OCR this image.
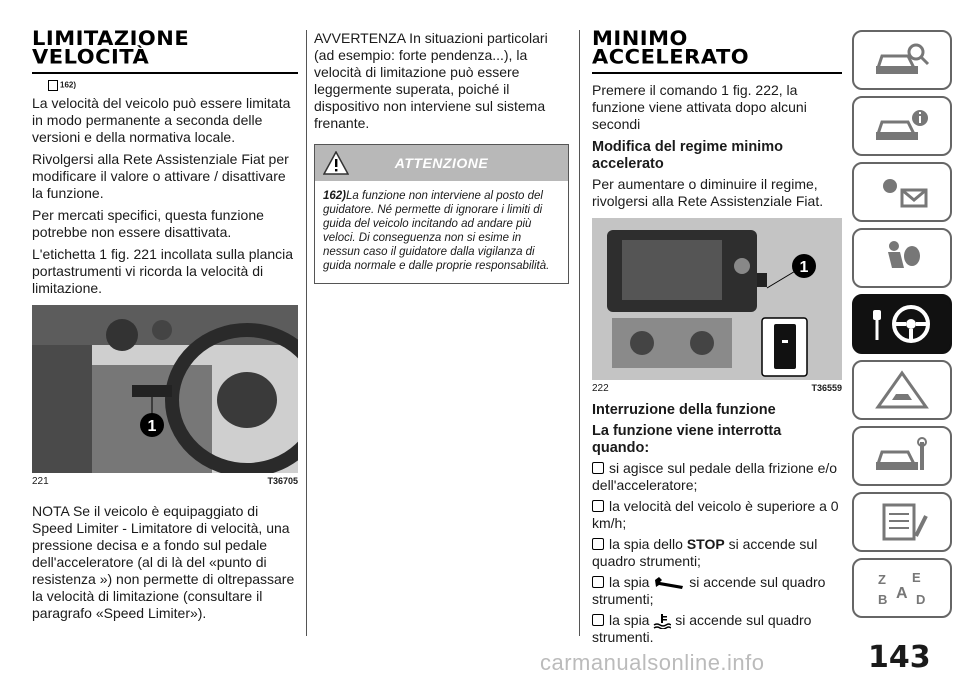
LIMITAZIONE
VELOCITÀ
162)

La velocità del veicolo può essere limitata in modo permanente a seconda delle versioni e della normativa locale.

Rivolgersi alla Rete Assistenziale Fiat per modificare il valore o attivare / disattivare la funzione.

Per mercati specifici, questa funzione potrebbe non essere disattivata.

L'etichetta 1 fig. 221 incollata sulla plancia portastrumenti vi ricorda la velocità di limitazione.

1
221	T36705

NOTA Se il veicolo è equipaggiato di Speed Limiter - Limitatore di velocità, una pressione decisa e a fondo sul pedale dell'acceleratore (al di là del «punto di resistenza ») non permette di oltrepassare la velocità di limitazione (consultare il paragrafo «Speed Limiter»).

AVVERTENZA In situazioni particolari (ad esempio: forte pendenza...), la velocità di limitazione può essere leggermente superata, poiché il dispositivo non interviene sul sistema frenante.

ATTENZIONE
162)La funzione non interviene al posto del guidatore. Né permette di ignorare i limiti di guida del veicolo incitando ad andare più veloci. Di conseguenza non si esime in nessun caso il guidatore dalla vigilanza di guida normale e dalle proprie responsabilità.
MINIMO
ACCELERATO

Premere il comando 1 fig. 222, la funzione viene attivata dopo alcuni secondi

Modifica del regime minimo accelerato

Per aumentare o diminuire il regime, rivolgersi alla Rete Assistenziale Fiat.

1
222	T36559
Interruzione della funzione
La funzione viene interrotta quando:
si agisce sul pedale della frizione e/o dell'acceleratore;
la velocità del veicolo è superiore a 0 km/h;
la spia dello STOP si accende sul quadro strumenti;
la spia  si accende sul quadro strumenti;
la spia  si accende sul quadro strumenti.
Z E
B A D
143
carmanualsonline.info
